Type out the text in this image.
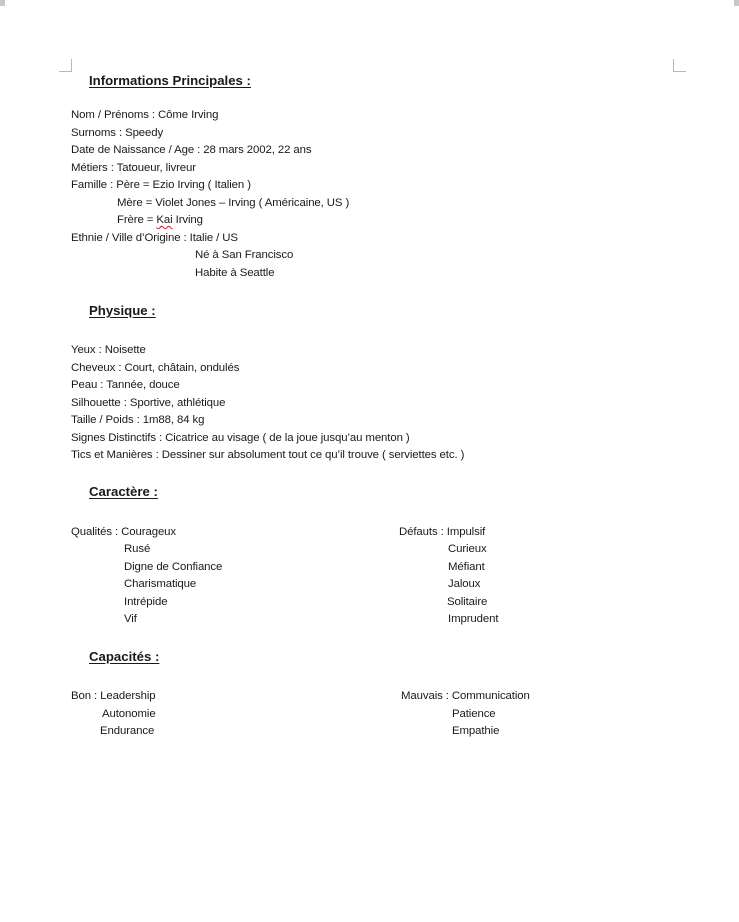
Informations Principales :
Nom / Prénoms : Côme Irving
Surnoms : Speedy
Date de Naissance / Age : 28 mars 2002, 22 ans
Métiers : Tatoueur, livreur
Famille : Père = Ezio Irving ( Italien )
Mère = Violet Jones – Irving ( Américaine, US )
Frère = Kai Irving
Ethnie / Ville d’Origine : Italie / US
Né à San Francisco
Habite à Seattle
Physique :
Yeux : Noisette
Cheveux : Court, châtain, ondulés
Peau : Tannée, douce
Silhouette : Sportive, athlétique
Taille / Poids : 1m88, 84 kg
Signes Distinctifs : Cicatrice au visage ( de la joue jusqu’au menton )
Tics et Manières : Dessiner sur absolument tout ce qu’il trouve ( serviettes etc. )
Caractère :
Qualités : Courageux
Rusé
Digne de Confiance
Charismatique
Intrépide
Vif
Défauts : Impulsif
Curieux
Méfiant
Jaloux
Solitaire
Imprudent
Capacités :
Bon : Leadership
Autonomie
Endurance
Mauvais : Communication
Patience
Empathie
